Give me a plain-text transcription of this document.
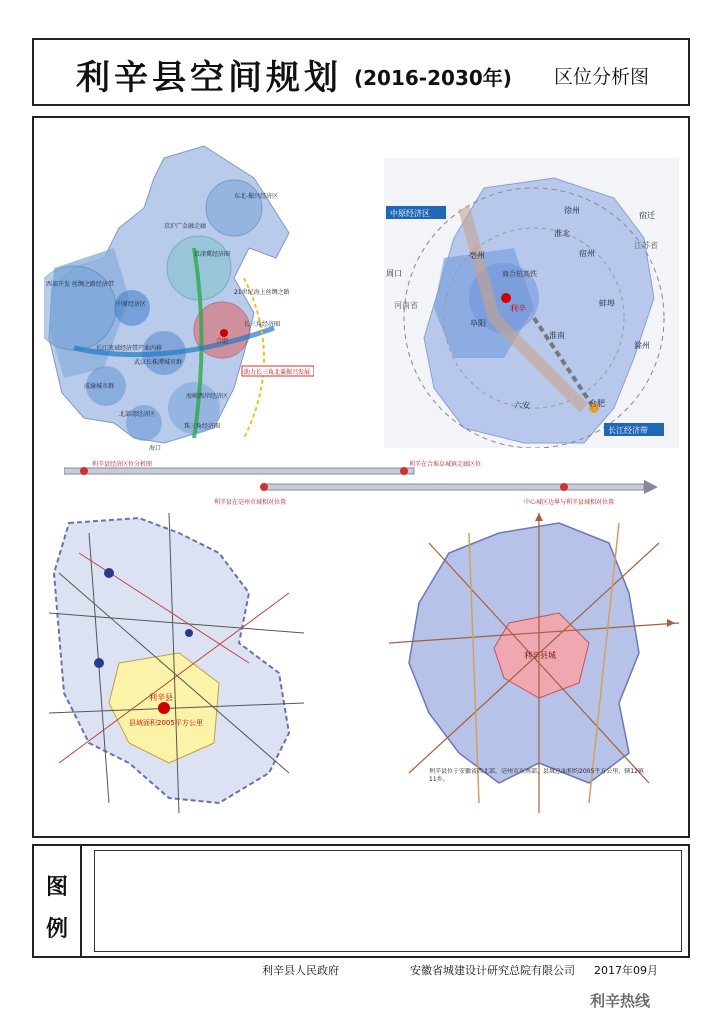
利辛县空间规划 (2016-2030年) 区位分析图
东北-振兴经济区
京津冀经济圈
21世纪海上丝绸之路
西部开发 丝绸之路经济带
长江流域经济带产业内移
长三角经济圈
武汉长株潭城市群
海峡西岸经济区
成渝城市群
北部湾经济区
珠三角经济圈
京沪广金融走廊
中原经济区
合肥
海口
助力长三角北翼振兴发展
中原经济区	徐州
淮北
宿州
亳州
利辛
阜阳
蚌埠
淮南
合肥
六安
滁州
周口
河南省
江苏省
宿迁
长江经济带
商合杭高铁
利辛县经济区位分析图
利辛县在亳州市域相对位置
利辛在合淮阜城镇走廊区位
中心城区边界与利辛县域相对位置
利辛县
县域面积2005平方公里
利辛县城
利辛县位于安徽省西北部，亳州市东南部，县域总面积约2005平方公里，辖12镇11乡。
图
例
利辛县人民政府	安徽省城建设计研究总院有限公司 2017年09月
利辛热线
